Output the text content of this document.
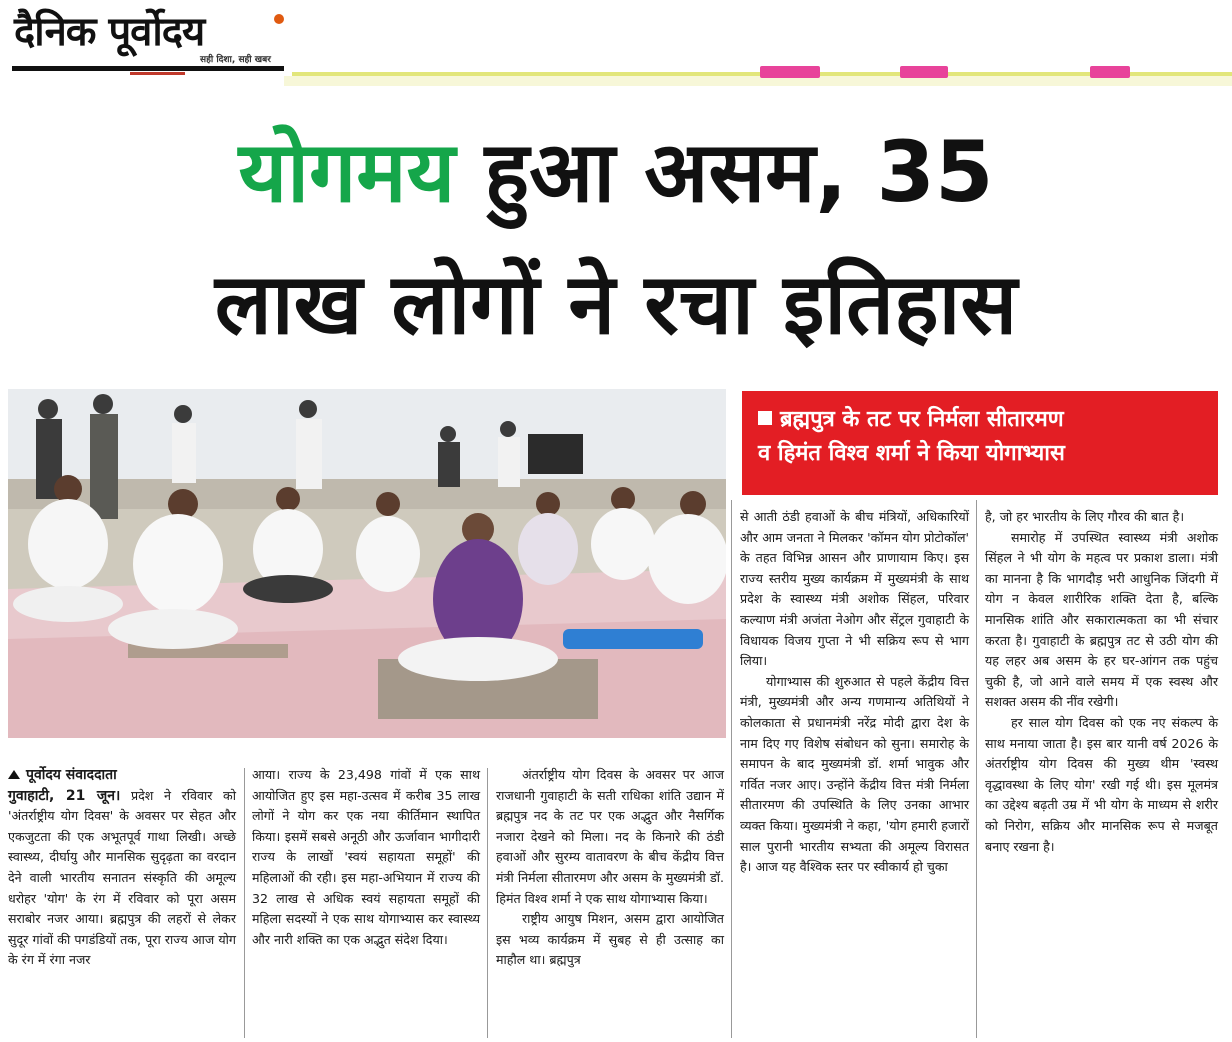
दैनिक पूर्वोदय
सही दिशा, सही खबर
योगमय हुआ असम, 35
लाख लोगों ने रचा इतिहास
ब्रह्मपुत्र के तट पर निर्मला सीतारमण
व हिमंत विश्व शर्मा ने किया योगाभ्यास
पूर्वोदय संवाददाता

गुवाहाटी, 21 जून। प्रदेश ने रविवार को 'अंतर्राष्ट्रीय योग दिवस' के अवसर पर सेहत और एकजुटता की एक अभूतपूर्व गाथा लिखी। अच्छे स्वास्थ्य, दीर्घायु और मानसिक सुदृढ़ता का वरदान देने वाली भारतीय सनातन संस्कृति की अमूल्य धरोहर 'योग' के रंग में रविवार को पूरा असम सराबोर नजर आया। ब्रह्मपुत्र की लहरों से लेकर सुदूर गांवों की पगडंडियों तक, पूरा राज्य आज योग के रंग में रंगा नजर

आया। राज्य के 23,498 गांवों में एक साथ आयोजित हुए इस महा-उत्सव में करीब 35 लाख लोगों ने योग कर एक नया कीर्तिमान स्थापित किया। इसमें सबसे अनूठी और ऊर्जावान भागीदारी राज्य के लाखों 'स्वयं सहायता समूहों' की महिलाओं की रही। इस महा-अभियान में राज्य की 32 लाख से अधिक स्वयं सहायता समूहों की महिला सदस्यों ने एक साथ योगाभ्यास कर स्वास्थ्य और नारी शक्ति का एक अद्भुत संदेश दिया।

अंतर्राष्ट्रीय योग दिवस के अवसर पर आज राजधानी गुवाहाटी के सती राधिका शांति उद्यान में ब्रह्मपुत्र नद के तट पर एक अद्भुत और नैसर्गिक नजारा देखने को मिला। नद के किनारे की ठंडी हवाओं और सुरम्य वातावरण के बीच केंद्रीय वित्त मंत्री निर्मला सीतारमण और असम के मुख्यमंत्री डॉ. हिमंत विश्व शर्मा ने एक साथ योगाभ्यास किया।

राष्ट्रीय आयुष मिशन, असम द्वारा आयोजित इस भव्य कार्यक्रम में सुबह से ही उत्साह का माहौल था। ब्रह्मपुत्र

से आती ठंडी हवाओं के बीच मंत्रियों, अधिकारियों और आम जनता ने मिलकर 'कॉमन योग प्रोटोकॉल' के तहत विभिन्न आसन और प्राणायाम किए। इस राज्य स्तरीय मुख्य कार्यक्रम में मुख्यमंत्री के साथ प्रदेश के स्वास्थ्य मंत्री अशोक सिंहल, परिवार कल्याण मंत्री अजंता नेओग और सेंट्रल गुवाहाटी के विधायक विजय गुप्ता ने भी सक्रिय रूप से भाग लिया।

योगाभ्यास की शुरुआत से पहले केंद्रीय वित्त मंत्री, मुख्यमंत्री और अन्य गणमान्य अतिथियों ने कोलकाता से प्रधानमंत्री नरेंद्र मोदी द्वारा देश के नाम दिए गए विशेष संबोधन को सुना। समारोह के समापन के बाद मुख्यमंत्री डॉ. शर्मा भावुक और गर्वित नजर आए। उन्होंने केंद्रीय वित्त मंत्री निर्मला सीतारमण की उपस्थिति के लिए उनका आभार व्यक्त किया। मुख्यमंत्री ने कहा, 'योग हमारी हजारों साल पुरानी भारतीय सभ्यता की अमूल्य विरासत है। आज यह वैश्विक स्तर पर स्वीकार्य हो चुका

है, जो हर भारतीय के लिए गौरव की बात है।

समारोह में उपस्थित स्वास्थ्य मंत्री अशोक सिंहल ने भी योग के महत्व पर प्रकाश डाला। मंत्री का मानना है कि भागदौड़ भरी आधुनिक जिंदगी में योग न केवल शारीरिक शक्ति देता है, बल्कि मानसिक शांति और सकारात्मकता का भी संचार करता है। गुवाहाटी के ब्रह्मपुत्र तट से उठी योग की यह लहर अब असम के हर घर-आंगन तक पहुंच चुकी है, जो आने वाले समय में एक स्वस्थ और सशक्त असम की नींव रखेगी।

हर साल योग दिवस को एक नए संकल्प के साथ मनाया जाता है। इस बार यानी वर्ष 2026 के अंतर्राष्ट्रीय योग दिवस की मुख्य थीम 'स्वस्थ वृद्धावस्था के लिए योग' रखी गई थी। इस मूलमंत्र का उद्देश्य बढ़ती उम्र में भी योग के माध्यम से शरीर को निरोग, सक्रिय और मानसिक रूप से मजबूत बनाए रखना है।
